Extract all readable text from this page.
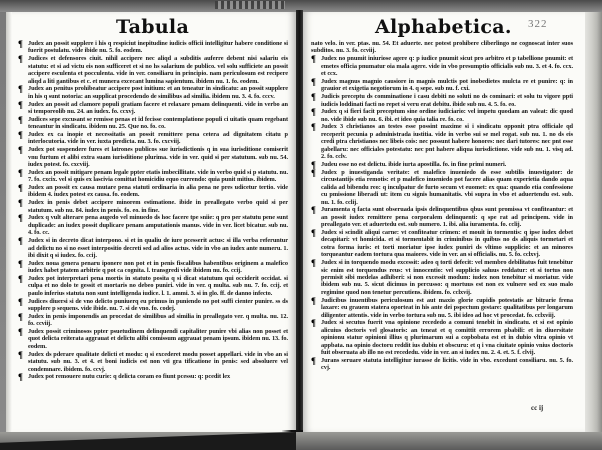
Tabula
¶ Judex an possit supplere i his q respiciut inepitudine iudicis officii intelligitur habere conditione si fuerit postulatu. vide ibide nu. 5. fo. eodem.
¶ Judices et defensores ciuit. nihil accipere nec aliqd a subditis auferre debent nisi salariu eis statutu: et si ad victu eis non sufficeret et si no hs salarium de publico. vel solu sufficiete an possit accipere esculenta et pocculenta. vide in ver. consiliaru in principio. nam periculosum est recipere aliqd a liti gantibus et c. et munera excecant lumina sapientum. ibidem nu. 1. fo. eodem.
¶ Judex an penitus prohibeatur accipere post initium: et an teneatur in sindicatu: an possit supplere in his q sunt notoria: an supplicat procedendo de similibus ad similia. ibidem nu. 3. 4. fo. cccv.
¶ Judex an possit ad clamore populi gratiam facere et relaxare penam delinquenti. vide in verbo an si temporeolib nu. 24. an iudex. fo. ccxvj.
¶ Judices sepe excusant se remisse penas et id fecisse contemplatione populi ci uitatis quam regebant teneantur in sindicatu. ibidem nu. 25. Que no. fo. co.
¶ Judex ex ca inopie et necessitatis an possit remittere pena cetera ad dignitatem citatu p interlocutoria. vide in ver. iuxta predicta. nu. 3. fo. cxcviij.
¶ Judex pot suspendere fures et latrones publicos sue iurisdictionis q in sua iurisditione comiserit vnu furtum et alibi extra suam iurisditione plurima. vide in ver. quid si per statutum. sub nu. 54. iudex potest. fo. cxcviij.
¶ Judex an possit mitigare penam legale ppter etatis imbecillitate. vide in verbo quid si p statutu. nu. 7. fo. cxcix. vel si quis ex lascivia comittat homicidiu equo currendo: quia punit mitius. ibidem.
¶ Judex an possit ex causa mutare pena statuti ordinaria in alia pena ne pres udicetur tertio. vide ibidem 4. iudex potest ex causa. fo. eodem.
¶ Judex in penis debet accipere minorem estimatione. ibide in preallegato verbo quid si per statutum. sub nu. 84. iudex in penis. fo. eo. in fine.
¶ Judex q vult alterare pena augedo vel minuedo ds hoc facere tpe sniie: q pro per statutu pene sunt duplicade: an iudex possit duplicare penam amputationis manus. vide in ver. licet bicatur. sub nu. 4. fo. cc.
¶ Judex si in decreto dicat interpono. si et in qualiu de iure pcesserit actus: si illa verba referuntur ad delictu no si no esset interpositio decreti sed ad alios actus. vide in vbo an iudex ante numeru. 1. ibi dixit q si iudex. fo. ccij.
¶ Judex noua genera penaru iponere non pot et in penis fiscalibus habentibus originem a malefico iudex habet ptatem arbitrie q pot ca cognita. l. transgredi vide ibidem nu. fo. ccij.
¶ Judex pot interpretari pena mortis in statuto posita q si dicat statutum qui occiderit occidat. si culpa et no dolo te gessit et mortaris no debeo puniri. vide in ver. q multa. sub nu. 7. fo. ccij. et paulo inferius statuta non sunt intelligenda iudice. l. 1. ammi. 3. si in glo. ff. de danno infecto.
¶ Judices diuersi si de vno delicto puniuerq eu primus in puniendo no pot suffi cienter punire. ss ds supplere p sequens. vide ibide. nu. 7. si de vno. fo. codej.
¶ Judex in penis imponendis an procedat de similibus ad similia in preallegato ver. q multa. nu. 12. fo. ccviij.
¶ Judex possit criminosos ppter psuetudinem delinquendi capitaliter punire vbi alias non posset et quot delicta reiterata aggrauat et delictu alibi comissum aggrauat penam ipsum. ibidem nu. 13. fo. eodem.
¶ Judex ds pderare qualitate delicti et modu: q si excederet modu posset appellari. vide in vbo an si statutu. sub nu. 3. et 4. et boni iudicis est non vti gra tificatione in penis: sed absoluere vel condemnare. ibidem. fo. ccvj.
¶ Judex pot remouere nutu curie: q delicta coram eo fiunt pcessu: q: pcedit lex
Alphabetica. 322
nato velo. in ver. ptas. nu. 54. Et aduerte. nec potest prohibere cliberlingo ne cognoscat inter suos subditos. nu. 3. fo. ccviij.
¶ Judex no pnumit iniuriose agere q: p iudice pnumit sicut pro arbitro et p tabellione pnumit: et emetes officia pnumatur oia mala agere. vide in vbo presumptio officialis sub nu. 3. et 4. fo. ccx. et ccx.
¶ Judex magnus magnio causiore in magnis mulctis pot inobedietes mulcta re et punire: q: in grauior et exigetia negotiorum in 4. q sepe. sub nu. f. cxi.
¶ Judicis preceptu ds comminatione i casu debiti no soluti no ds cominari: et solu tu vigore ppti iudicis loddinati facti no repet si veru erat debitu. ibide sub nu. 4. 5. fo. eo.
¶ Judex q si fieri facit preceptum sine ordine iudiciario: vel impetu quodam an valeat: dic quod no. vide ibide sub nu. 6. ibi. et ideo quia talia re. fo. co.
¶ Judex 3 christianos an testes esse possint maxime si i sindicatu opponit ptra officiale qd receperit pecunia p administrada iustitia. vide in verbo sui se mel rogat. sub nu. 1. no ds eis credi ptra christianos nec libeis cois: nec possunt habere honores: nec dari tutores: nec pnt esse gabellaru: nec officiales potestatu: nec pnt habere aliqua iurisdictione. vide sub nu. 1. visq ad. 2. fo. cclv.
¶ Judeu esse no est delictu. ibide iurta apostilla. fo. in fine primi numeri.
¶ Judex p inuestiganda veritate: et malefico inueniedo ds esse subtilis inuestigator: de circustantijs etia remotis: et p malefico inueniedo pot facere alias quam experietia dando aqua calida ad bibendu reo: q inculpatur de furto secum vt euomet: ex qua: quando etia confessione cu pmissione liberadi ut: item cu signis humanitatis. vbi supra in vbo et aduertendu est. sub. nu. 1. fo. cclij.
¶ Juramenta q facta sunt obseruada ipsis delinquentibus qbus sunt promissa vt confiteantur: et an possit iudex remittere pena corporalem delinquenti: q spe rat ad principem. vide in preallegato ver. et aduertedu est. sub numero. 1. ibi. alia iuramenta. fo. cclij.
¶ Judex si scindit aliqui carne: vt confiteatur crimen: et mouit in tormentis: q ipse iudex debet decapitari: vt homicida. et si tormentabit in criminibus in quibus no ds aliquis tormetari et cotra forma iuris: et torti moriatur ipse iudex puniri ds vltimo supplicio: et an minores torqueantur eadem tortura qua maiores. vide in ver. an si officialis. nu. 5. fo. cclxvj.
¶ Judex si in torquendo modu excessit: adeo q torti defecit: vel membro debilitatus fuit tenebitur sic enim est torquendus reus: vt innocentio: vel supplicio saluus reddatur: et si tortus non permisit sibi medelas adhiberi: si non excessit modum: iudex non tenebitur si moriatur. vide ibidem sub nu. 5. sicut dicimus in percusso: q mortuus est non ex vulnere sed ex suo malo regimine quod non tenetur percutiens. ibidem. fo. cclxvij.
¶ Judicibus inuentibus periculosum est aut maxio glorie cupidis potestatis ar bitrarie frena laxare: eu grauem statera oporteat in his ante dei pspectum gestare: qualitatibus per longarum diligenter attentis. vide in verbo tortura sub nu. 5. ibi ideo ad hoc vt procedat. fo. cclxviij.
¶ Judex si secutus fuerit vna opinione recededo a comuni tenebit in sindicatu. et si est opinio alicuius doctoris vel glosatoris: an teneat et q comittit errorem pbabili: et in diuersitate opinionu statur opinioni illius q plurimarum sui a copbobata est et in dubio vltra opinio vt appbata. na opinio doctoru reddit ius dubiu et obscuru: et q i vna ciuitate opinio vnius doctoris fuit obseruata ab illo no est recededu. vide in ver. an si iudex nu. 2. 4. et. 5. f. clvij.
¶ Jurans seruare statuta intelligitur iurasse de licitis. vide in vbo. excedunt consiliaru. nu. 5. fo. cvj.
cc ij
